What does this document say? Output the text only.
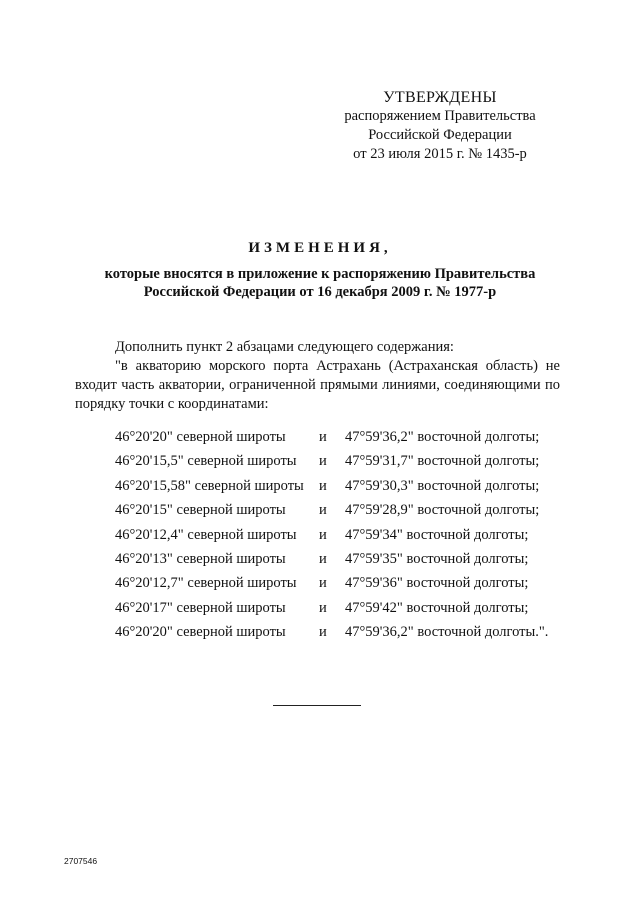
УТВЕРЖДЕНЫ
распоряжением Правительства
Российской Федерации
от 23 июля 2015 г. № 1435-р
ИЗМЕНЕНИЯ,
которые вносятся в приложение к распоряжению Правительства
Российской Федерации от 16 декабря 2009 г. № 1977-р
Дополнить пункт 2 абзацами следующего содержания:
"в акваторию морского порта Астрахань (Астраханская область) не входит часть акватории, ограниченной прямыми линиями, соединяющими по порядку точки с координатами:
46°20'20" северной широты и 47°59'36,2" восточной долготы;
46°20'15,5" северной широты и 47°59'31,7" восточной долготы;
46°20'15,58" северной широты и 47°59'30,3" восточной долготы;
46°20'15" северной широты и 47°59'28,9" восточной долготы;
46°20'12,4" северной широты и 47°59'34" восточной долготы;
46°20'13" северной широты и 47°59'35" восточной долготы;
46°20'12,7" северной широты и 47°59'36" восточной долготы;
46°20'17" северной широты и 47°59'42" восточной долготы;
46°20'20" северной широты и 47°59'36,2" восточной долготы.".
2707546
